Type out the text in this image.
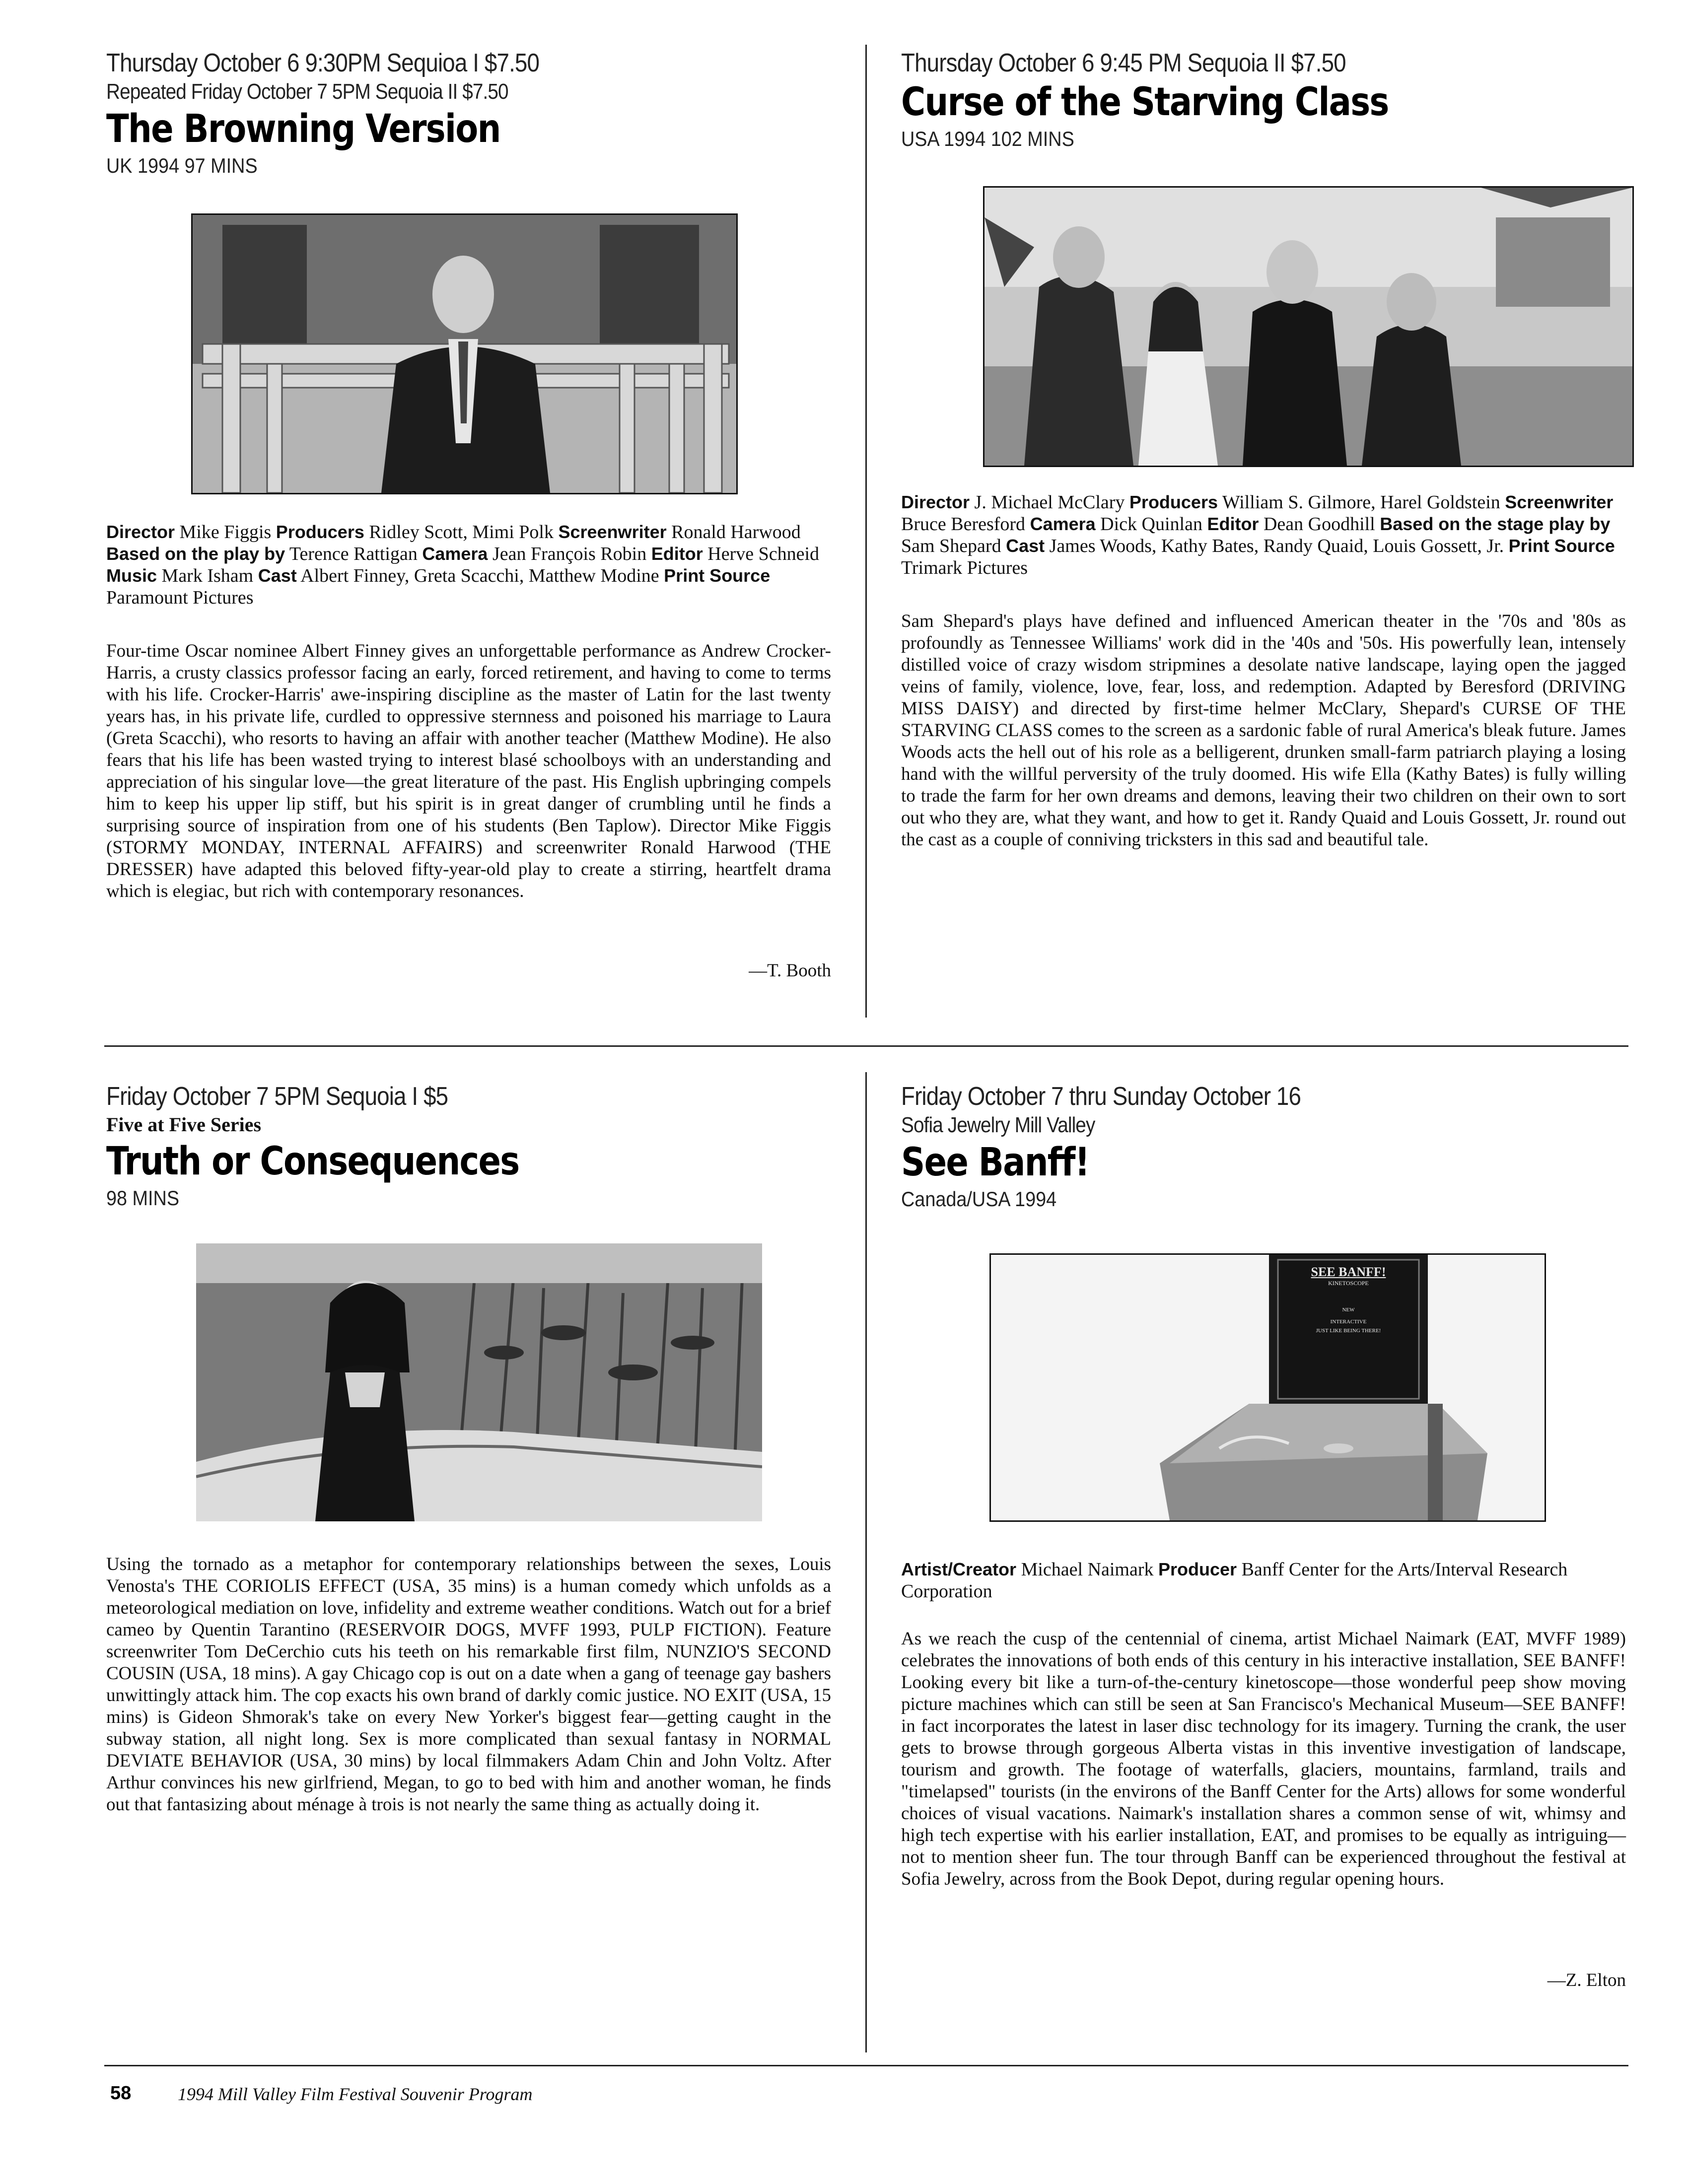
Thursday October 6 9:30PM Sequioa I $7.50
Repeated Friday October 7 5PM Sequoia II $7.50
The Browning Version
UK 1994 97 MINS
Director Mike Figgis Producers Ridley Scott, Mimi Polk Screenwriter Ronald Harwood Based on the play by Terence Rattigan Camera Jean François Robin Editor Herve Schneid Music Mark Isham Cast Albert Finney, Greta Scacchi, Matthew Modine Print Source Paramount Pictures
Four-time Oscar nominee Albert Finney gives an unforgettable performance as Andrew Crocker-Harris, a crusty classics professor facing an early, forced retirement, and having to come to terms with his life. Crocker-Harris' awe-inspiring discipline as the master of Latin for the last twenty years has, in his private life, curdled to oppressive sternness and poisoned his marriage to Laura (Greta Scacchi), who resorts to having an affair with another teacher (Matthew Modine). He also fears that his life has been wasted trying to interest blasé schoolboys with an understanding and appreciation of his singular love—the great literature of the past. His English upbringing compels him to keep his upper lip stiff, but his spirit is in great danger of crumbling until he finds a surprising source of inspiration from one of his students (Ben Taplow). Director Mike Figgis (STORMY MONDAY, INTERNAL AFFAIRS) and screenwriter Ronald Harwood (THE DRESSER) have adapted this beloved fifty-year-old play to create a stirring, heartfelt drama which is elegiac, but rich with contemporary resonances.
—T. Booth
Thursday October 6 9:45 PM Sequoia II $7.50
Curse of the Starving Class
USA 1994 102 MINS
Director J. Michael McClary Producers William S. Gilmore, Harel Goldstein Screenwriter Bruce Beresford Camera Dick Quinlan Editor Dean Goodhill Based on the stage play by Sam Shepard Cast James Woods, Kathy Bates, Randy Quaid, Louis Gossett, Jr. Print Source Trimark Pictures
Sam Shepard's plays have defined and influenced American theater in the '70s and '80s as profoundly as Tennessee Williams' work did in the '40s and '50s. His powerfully lean, intensely distilled voice of crazy wisdom stripmines a desolate native landscape, laying open the jagged veins of family, violence, love, fear, loss, and redemption. Adapted by Beresford (DRIVING MISS DAISY) and directed by first-time helmer McClary, Shepard's CURSE OF THE STARVING CLASS comes to the screen as a sardonic fable of rural America's bleak future. James Woods acts the hell out of his role as a belligerent, drunken small-farm patriarch playing a losing hand with the willful perversity of the truly doomed. His wife Ella (Kathy Bates) is fully willing to trade the farm for her own dreams and demons, leaving their two children on their own to sort out who they are, what they want, and how to get it. Randy Quaid and Louis Gossett, Jr. round out the cast as a couple of conniving tricksters in this sad and beautiful tale.
Friday October 7 5PM Sequoia I $5
Five at Five Series
Truth or Consequences
98 MINS
Using the tornado as a metaphor for contemporary relationships between the sexes, Louis Venosta's THE CORIOLIS EFFECT (USA, 35 mins) is a human comedy which unfolds as a meteorological mediation on love, infidelity and extreme weather conditions. Watch out for a brief cameo by Quentin Tarantino (RESERVOIR DOGS, MVFF 1993, PULP FICTION). Feature screenwriter Tom DeCerchio cuts his teeth on his remarkable first film, NUNZIO'S SECOND COUSIN (USA, 18 mins). A gay Chicago cop is out on a date when a gang of teenage gay bashers unwittingly attack him. The cop exacts his own brand of darkly comic justice. NO EXIT (USA, 15 mins) is Gideon Shmorak's take on every New Yorker's biggest fear—getting caught in the subway station, all night long. Sex is more complicated than sexual fantasy in NORMAL DEVIATE BEHAVIOR (USA, 30 mins) by local filmmakers Adam Chin and John Voltz. After Arthur convinces his new girlfriend, Megan, to go to bed with him and another woman, he finds out that fantasizing about ménage à trois is not nearly the same thing as actually doing it.
Friday October 7 thru Sunday October 16
Sofia Jewelry Mill Valley
See Banff!
Canada/USA 1994
SEE BANFF!
KINETOSCOPE
NEW
INTERACTIVE
JUST LIKE BEING THERE!
Artist/Creator Michael Naimark Producer Banff Center for the Arts/Interval Research Corporation
As we reach the cusp of the centennial of cinema, artist Michael Naimark (EAT, MVFF 1989) celebrates the innovations of both ends of this century in his interactive installation, SEE BANFF! Looking every bit like a turn-of-the-century kinetoscope—those wonderful peep show moving picture machines which can still be seen at San Francisco's Mechanical Museum—SEE BANFF! in fact incorporates the latest in laser disc technology for its imagery. Turning the crank, the user gets to browse through gorgeous Alberta vistas in this inventive investigation of landscape, tourism and growth. The footage of waterfalls, glaciers, mountains, farmland, trails and "timelapsed" tourists (in the environs of the Banff Center for the Arts) allows for some wonderful choices of visual vacations. Naimark's installation shares a common sense of wit, whimsy and high tech expertise with his earlier installation, EAT, and promises to be equally as intriguing—not to mention sheer fun. The tour through Banff can be experienced throughout the festival at Sofia Jewelry, across from the Book Depot, during regular opening hours.
—Z. Elton
58	1994 Mill Valley Film Festival Souvenir Program
